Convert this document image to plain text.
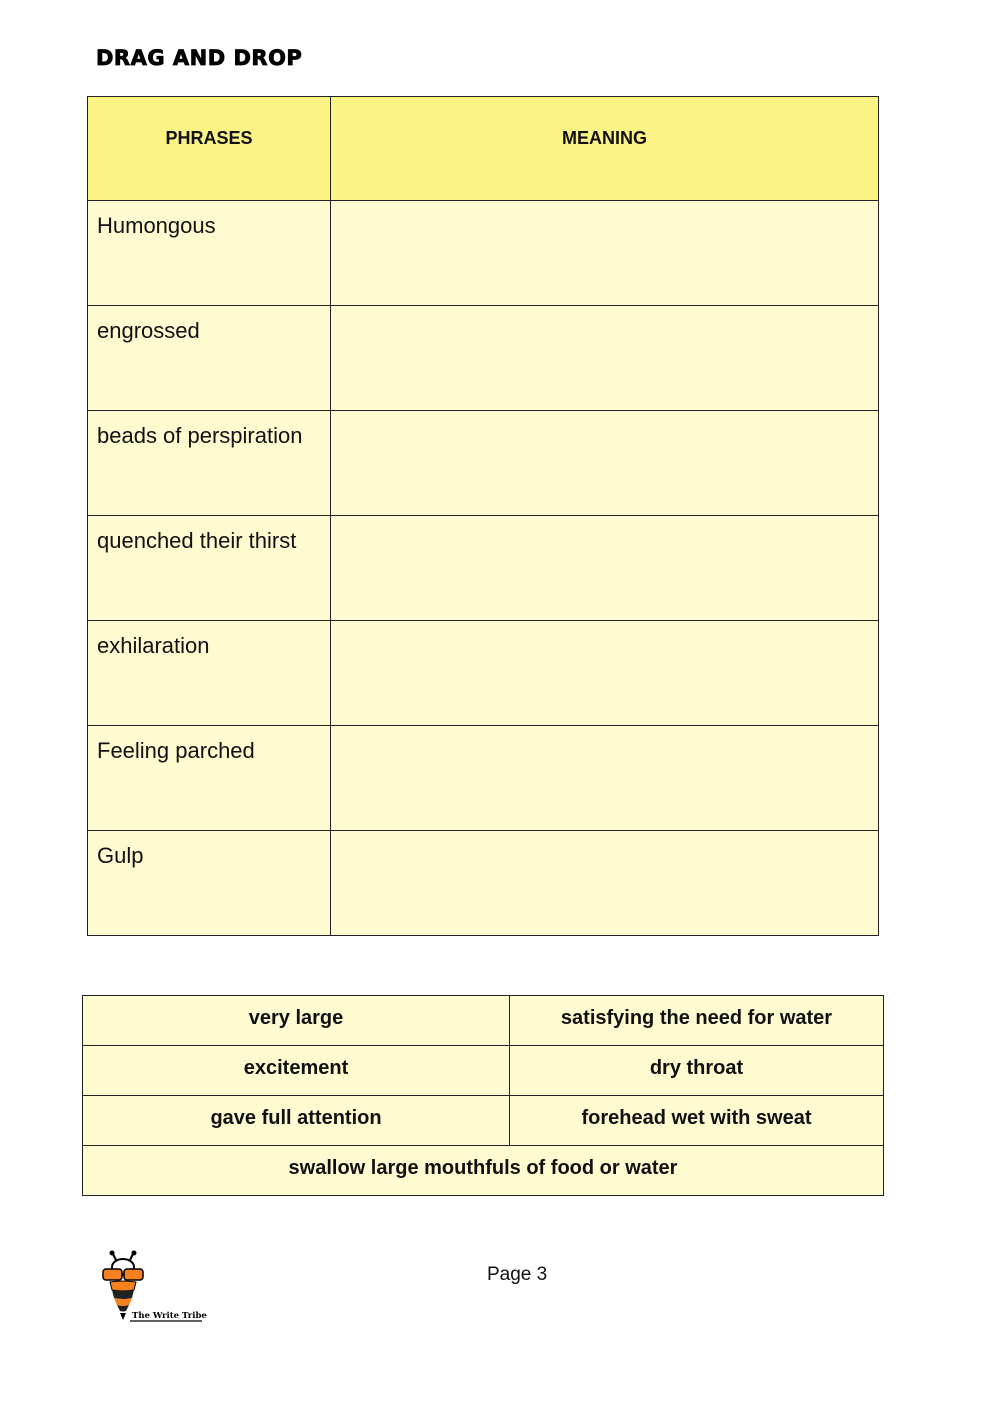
DRAG AND DROP
PHRASES	MEANING
Humongous	
engrossed	
beads of perspiration	
quenched their thirst	
exhilaration	
Feeling parched	
Gulp	
very large	satisfying the need for water
excitement	dry throat
gave full attention	forehead wet with sweat
swallow large mouthfuls of food or water	
The Write Tribe
Page 3
